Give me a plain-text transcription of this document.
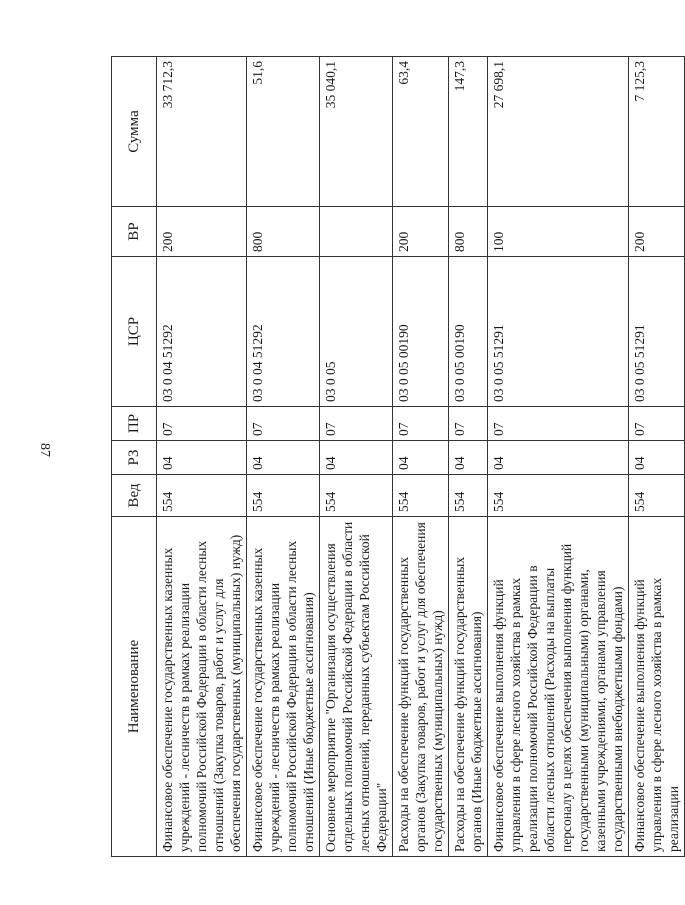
87
Наименование	Вед	РЗ	ПР	ЦСР	ВР	Сумма
Финансовое обеспечение государственных казенных учреждений - лесничеств в рамках реализации полномочий Российской Федерации в области лесных отношений (Закупка товаров, работ и услуг для обеспечения государственных (муниципальных) нужд)	554	04	07	03 0 04 51292	200	33 712,3
Финансовое обеспечение государственных казенных учреждений - лесничеств в рамках реализации полномочий Российской Федерации в области лесных отношений (Иные бюджетные ассигнования)	554	04	07	03 0 04 51292	800	51,6
Основное мероприятие "Организация осуществления отдельных полномочий Российской Федерации в области лесных отношений, переданных субъектам Российской Федерации"	554	04	07	03 0 05		35 040,1
Расходы на обеспечение функций государственных органов (Закупка товаров, работ и услуг для обеспечения государственных (муниципальных) нужд)	554	04	07	03 0 05 00190	200	63,4
Расходы на обеспечение функций государственных органов (Иные бюджетные ассигнования)	554	04	07	03 0 05 00190	800	147,3
Финансовое обеспечение выполнения функций управления в сфере лесного хозяйства в рамках реализации полномочий Российской Федерации в области лесных отношений (Расходы на выплаты персоналу в целях обеспечения выполнения функций государственными (муниципальными) органами, казенными учреждениями, органами управления государственными внебюджетными фондами)	554	04	07	03 0 05 51291	100	27 698,1
Финансовое обеспечение выполнения функций управления в сфере лесного хозяйства в рамках реализации	554	04	07	03 0 05 51291	200	7 125,3
